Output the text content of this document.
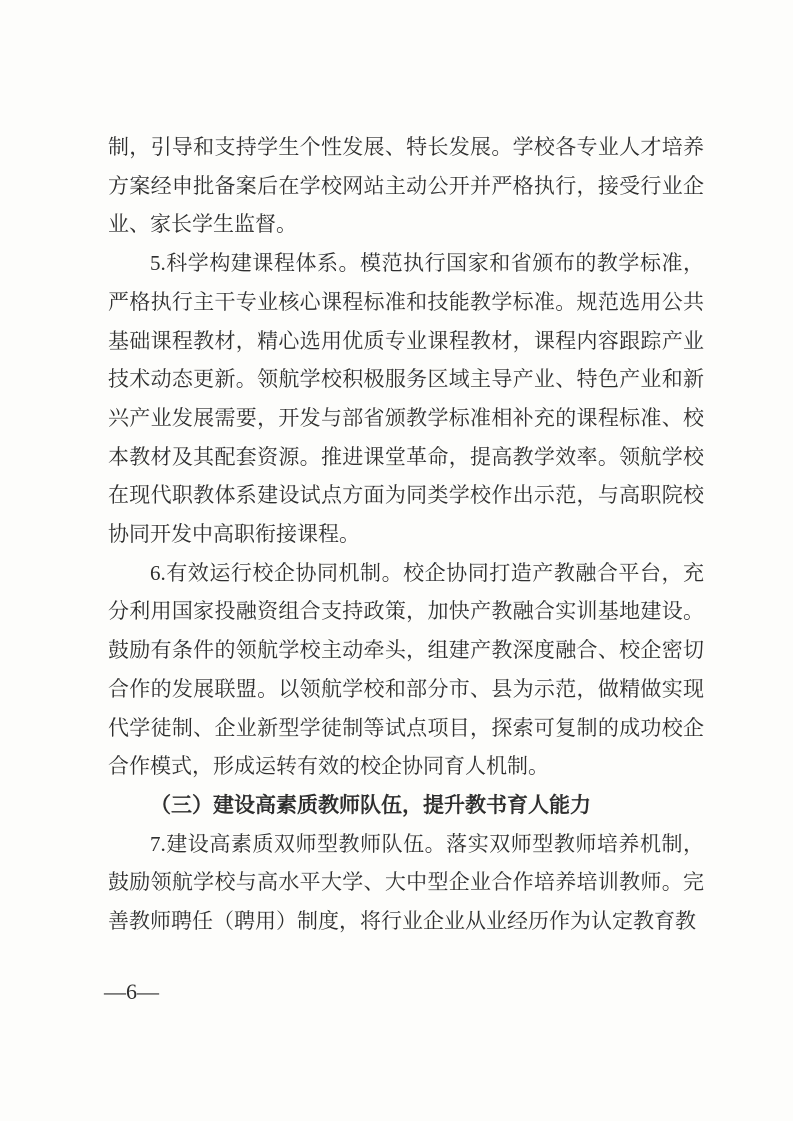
制，引导和支持学生个性发展、特长发展。学校各专业人才培养方案经申批备案后在学校网站主动公开并严格执行，接受行业企业、家长学生监督。

5.科学构建课程体系。模范执行国家和省颁布的教学标准，严格执行主干专业核心课程标准和技能教学标准。规范选用公共基础课程教材，精心选用优质专业课程教材，课程内容跟踪产业技术动态更新。领航学校积极服务区域主导产业、特色产业和新兴产业发展需要，开发与部省颁教学标准相补充的课程标准、校本教材及其配套资源。推进课堂革命，提高教学效率。领航学校在现代职教体系建设试点方面为同类学校作出示范，与高职院校协同开发中高职衔接课程。

6.有效运行校企协同机制。校企协同打造产教融合平台，充分利用国家投融资组合支持政策，加快产教融合实训基地建设。鼓励有条件的领航学校主动牵头，组建产教深度融合、校企密切合作的发展联盟。以领航学校和部分市、县为示范，做精做实现代学徒制、企业新型学徒制等试点项目，探索可复制的成功校企合作模式，形成运转有效的校企协同育人机制。

（三）建设高素质教师队伍，提升教书育人能力

7.建设高素质双师型教师队伍。落实双师型教师培养机制，鼓励领航学校与高水平大学、大中型企业合作培养培训教师。完善教师聘任（聘用）制度，将行业企业从业经历作为认定教育教

—6—
